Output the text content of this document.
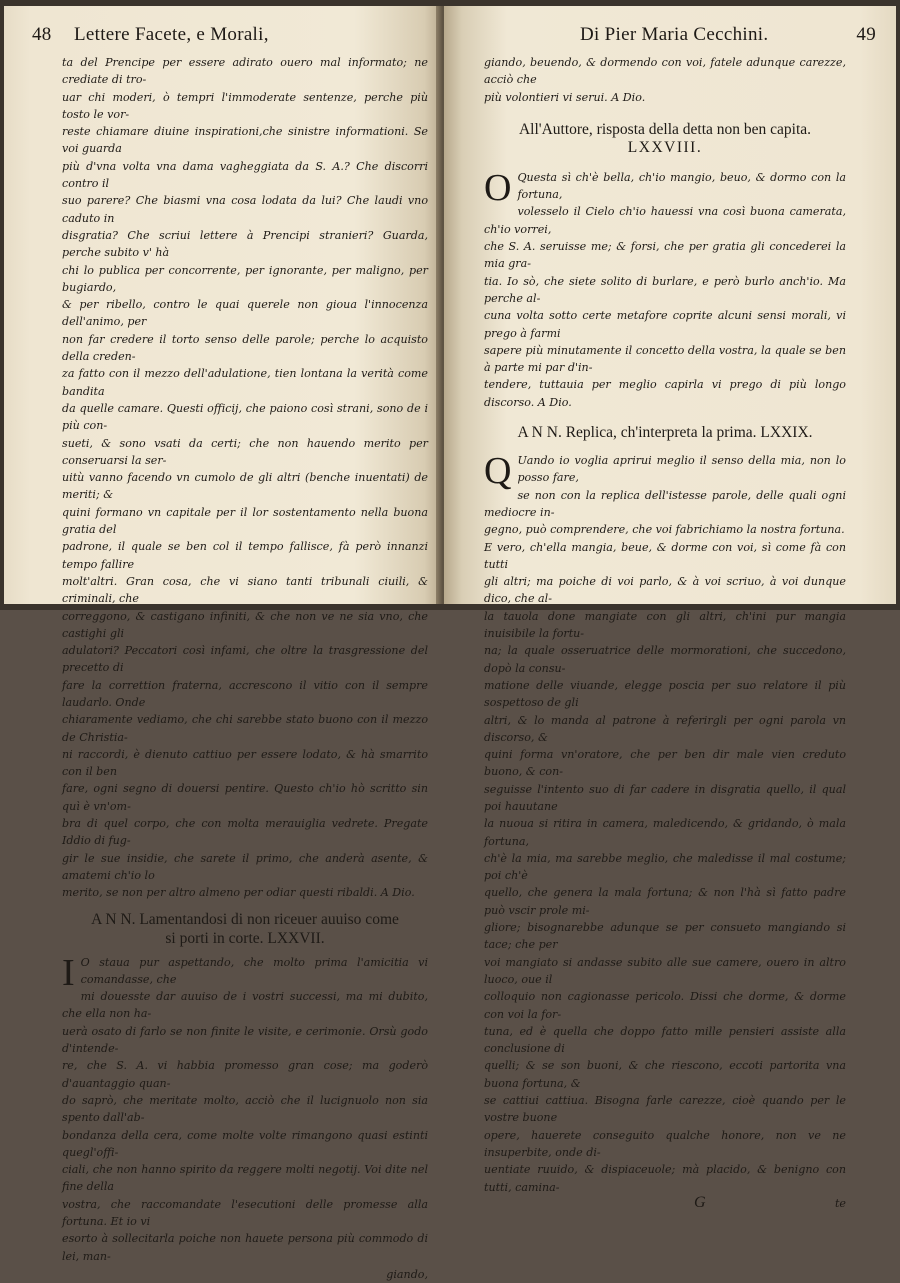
48 Lettere Facete, e Morali,

ta del Prencipe per essere adirato ouero mal informato; ne crediate di tro-

uar chi moderi, ò tempri l'immoderate sentenze, perche più tosto le vor-

reste chiamare diuine inspirationi,che sinistre informationi. Se voi guarda

più d'vna volta vna dama vagheggiata da S. A.? Che discorri contro il

suo parere? Che biasmi vna cosa lodata da lui? Che laudi vno caduto in

disgratia? Che scriui lettere à Prencipi stranieri? Guarda, perche subito v' hà

chi lo publica per concorrente, per ignorante, per maligno, per bugiardo,

& per ribello, contro le quai querele non gioua l'innocenza dell'animo, per

non far credere il torto senso delle parole; perche lo acquisto della creden-

za fatto con il mezzo dell'adulatione, tien lontana la verità come bandita

da quelle camare. Questi officij, che paiono così strani, sono de i più con-

sueti, & sono vsati da certi; che non hauendo merito per conseruarsi la ser-

uitù vanno facendo vn cumolo de gli altri (benche inuentati) de meriti; &

quini formano vn capitale per il lor sostentamento nella buona gratia del

padrone, il quale se ben col il tempo fallisce, fà però innanzi tempo fallire

molt'altri. Gran cosa, che vi siano tanti tribunali ciuili, & criminali, che

correggono, & castigano infiniti, & che non ve ne sia vno, che castighi gli

adulatori? Peccatori così infami, che oltre la trasgressione del precetto di

fare la correttion fraterna, accrescono il vitio con il sempre laudarlo. Onde

chiaramente vediamo, che chi sarebbe stato buono con il mezzo de Christia-

ni raccordi, è dienuto cattiuo per essere lodato, & hà smarrito con il ben

fare, ogni segno di douersi pentire. Questo ch'io hò scritto sin quì è vn'om-

bra di quel corpo, che con molta merauiglia vedrete. Pregate Iddio di fug-

gir le sue insidie, che sarete il primo, che anderà asente, & amatemi ch'io lo

merito, se non per altro almeno per odiar questi ribaldi. A Dio.

A N N. Lamentandosi di non riceuer auuiso come
si porti in corte. LXXVII.
I O staua pur aspettando, che molto prima l'amicitia vi comandasse, che

mi douesste dar auuiso de i vostri successi, ma mi dubito, che ella non ha-

uerà osato di farlo se non finite le visite, e cerimonie. Orsù godo d'intende-

re, che S. A. vi habbia promesso gran cose; ma goderò d'auantaggio quan-

do saprò, che meritate molto, acciò che il lucignuolo non sia spento dall'ab-

bondanza della cera, come molte volte rimangono quasi estinti quegl'offi-

ciali, che non hanno spirito da reggere molti negotij. Voi dite nel fine della

vostra, che raccomandate l'esecutioni delle promesse alla fortuna. Et io vi

esorto à sollecitarla poiche non hauete persona più commodo di lei, man-

giando,
Di Pier Maria Cecchini.	49

giando, beuendo, & dormendo con voi, fatele adunque carezze, acciò che

più volontieri vi serui. A Dio.

All'Auttore, risposta della detta non ben capita.
LXXVIII.
O Questa sì ch'è bella, ch'io mangio, beuo, & dormo con la fortuna,

volesselo il Cielo ch'io hauessi vna così buona camerata, ch'io vorrei,

che S. A. seruisse me; & forsi, che per gratia gli concederei la mia gra-

tia. Io sò, che siete solito di burlare, e però burlo anch'io. Ma perche al-

cuna volta sotto certe metafore coprite alcuni sensi morali, vi prego à farmi

sapere più minutamente il concetto della vostra, la quale se ben à parte mi par d'in-

tendere, tuttauia per meglio capirla vi prego di più longo discorso. A Dio.

A N N. Replica, ch'interpreta la prima. LXXIX.
Q Uando io voglia aprirui meglio il senso della mia, non lo posso fare,

se non con la replica dell'istesse parole, delle quali ogni mediocre in-

gegno, può comprendere, che voi fabrichiamo la nostra fortuna.

E vero, ch'ella mangia, beue, & dorme con voi, sì come fà con tutti

gli altri; ma poiche di voi parlo, & à voi scriuo, à voi dunque dico, che al-

la tauola done mangiate con gli altri, ch'ini pur mangia inuisibile la fortu-

na; la quale osseruatrice delle mormorationi, che succedono, dopò la consu-

matione delle viuande, elegge poscia per suo relatore il più sospettoso de gli

altri, & lo manda al patrone à referirgli per ogni parola vn discorso, &

quini forma vn'oratore, che per ben dir male vien creduto buono, & con-

seguisse l'intento suo di far cadere in disgratia quello, il qual poi hauutane

la nuoua si ritira in camera, maledicendo, & gridando, ò mala fortuna,

ch'è la mia, ma sarebbe meglio, che maledisse il mal costume; poi ch'è

quello, che genera la mala fortuna; & non l'hà sì fatto padre può vscir prole mi-

gliore; bisognarebbe adunque se per consueto mangiando si tace; che per

voi mangiato si andasse subito alle sue camere, ouero in altro luoco, oue il

colloquio non cagionasse pericolo. Dissi che dorme, & dorme con voi la for-

tuna, ed è quella che doppo fatto mille pensieri assiste alla conclusione di

quelli; & se son buoni, & che riescono, eccoti partorita vna buona fortuna, &

se cattiui cattiua. Bisogna farle carezze, cioè quando per le vostre buone

opere, hauerete conseguito qualche honore, non ve ne insuperbite, onde di-

uentiate ruuido, & dispiaceuole; mà placido, & benigno con tutti, camina-

G	te
